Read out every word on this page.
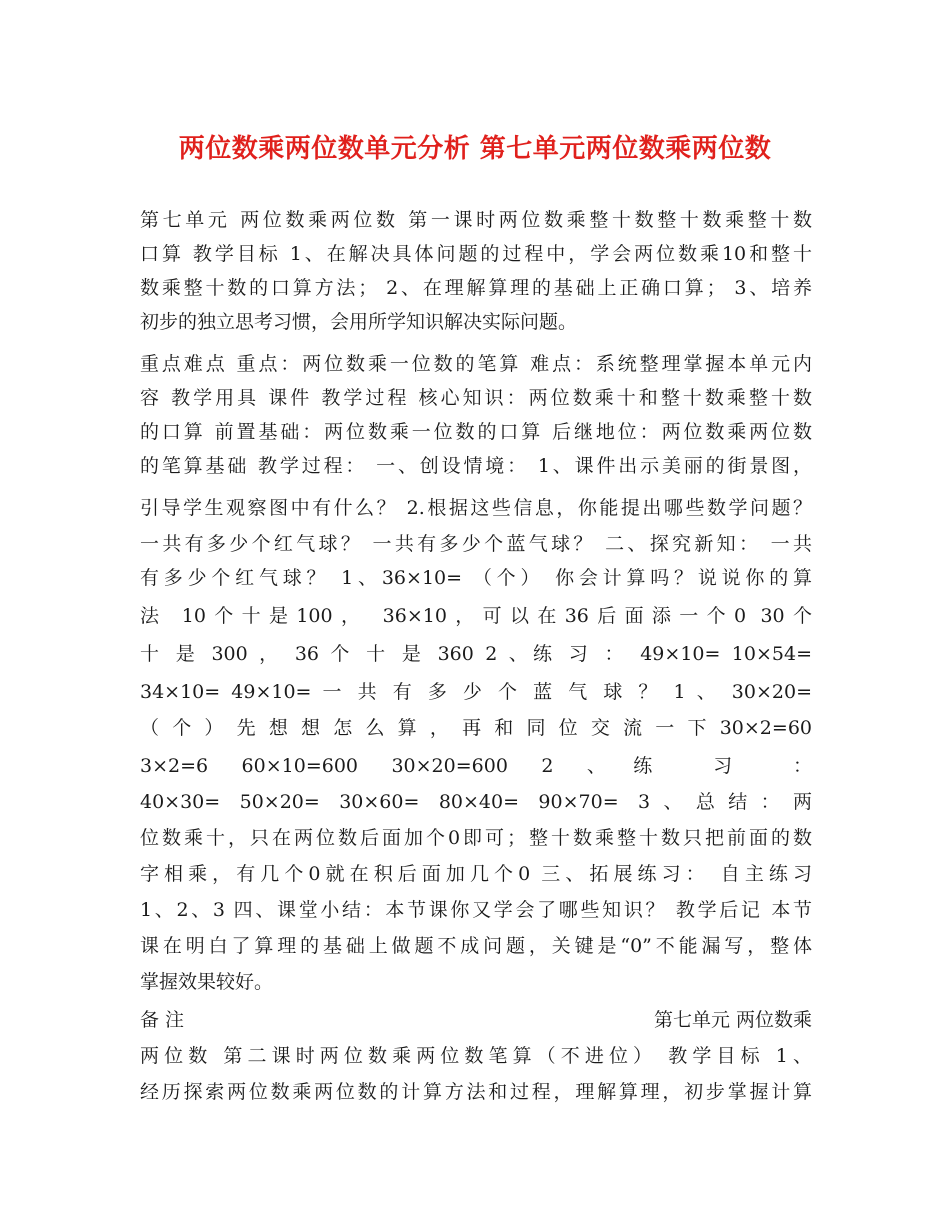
两位数乘两位数单元分析 第七单元两位数乘两位数
第七单元 两位数乘两位数 第一课时两位数乘整十数整十数乘整十数
口算 教学目标 1、在解决具体问题的过程中，学会两位数乘10和整十
数乘整十数的口算方法； 2、在理解算理的基础上正确口算； 3、培养
初步的独立思考习惯，会用所学知识解决实际问题。
重点难点 重点：两位数乘一位数的笔算 难点：系统整理掌握本单元内
容 教学用具 课件 教学过程 核心知识：两位数乘十和整十数乘整十数
的口算 前置基础：两位数乘一位数的口算 后继地位：两位数乘两位数
的笔算基础 教学过程： 一、创设情境： 1、课件出示美丽的街景图，
引导学生观察图中有什么？ 2.根据这些信息，你能提出哪些数学问题？
一共有多少个红气球？ 一共有多少个蓝气球？ 二、探究新知： 一共
有多少个红气球？ 1、36×10= （个） 你会计算吗？说说你的算
法 10个十是100， 36×10，可以在36后面添一个0 30个
十 是 300 ， 36 个 十 是 360 2 、练 习 ： 49×10= 10×54=
34×10= 49×10= 一 共 有 多 少 个 蓝 气 球 ？ 1 、 30×20=
（ 个 ） 先 想 想 怎 么 算 ， 再 和 同 位 交 流 一 下 30×2=60
3×2=6 60×10=600 30×20=600 2 、练 习 ：
40×30= 50×20= 30×60= 80×40= 90×70= 3、总结：两
位数乘十，只在两位数后面加个0即可；整十数乘整十数只把前面的数
字相乘，有几个0就在积后面加几个0 三、拓展练习： 自主练习
1、2、3 四、课堂小结：本节课你又学会了哪些知识？ 教学后记 本节
课在明白了算理的基础上做题不成问题，关键是“0”不能漏写，整体
掌握效果较好。
备 注	第七单元 两位数乘
两位数 第二课时两位数乘两位数笔算（不进位） 教学目标 1、
经历探索两位数乘两位数的计算方法和过程，理解算理，初步掌握计算
